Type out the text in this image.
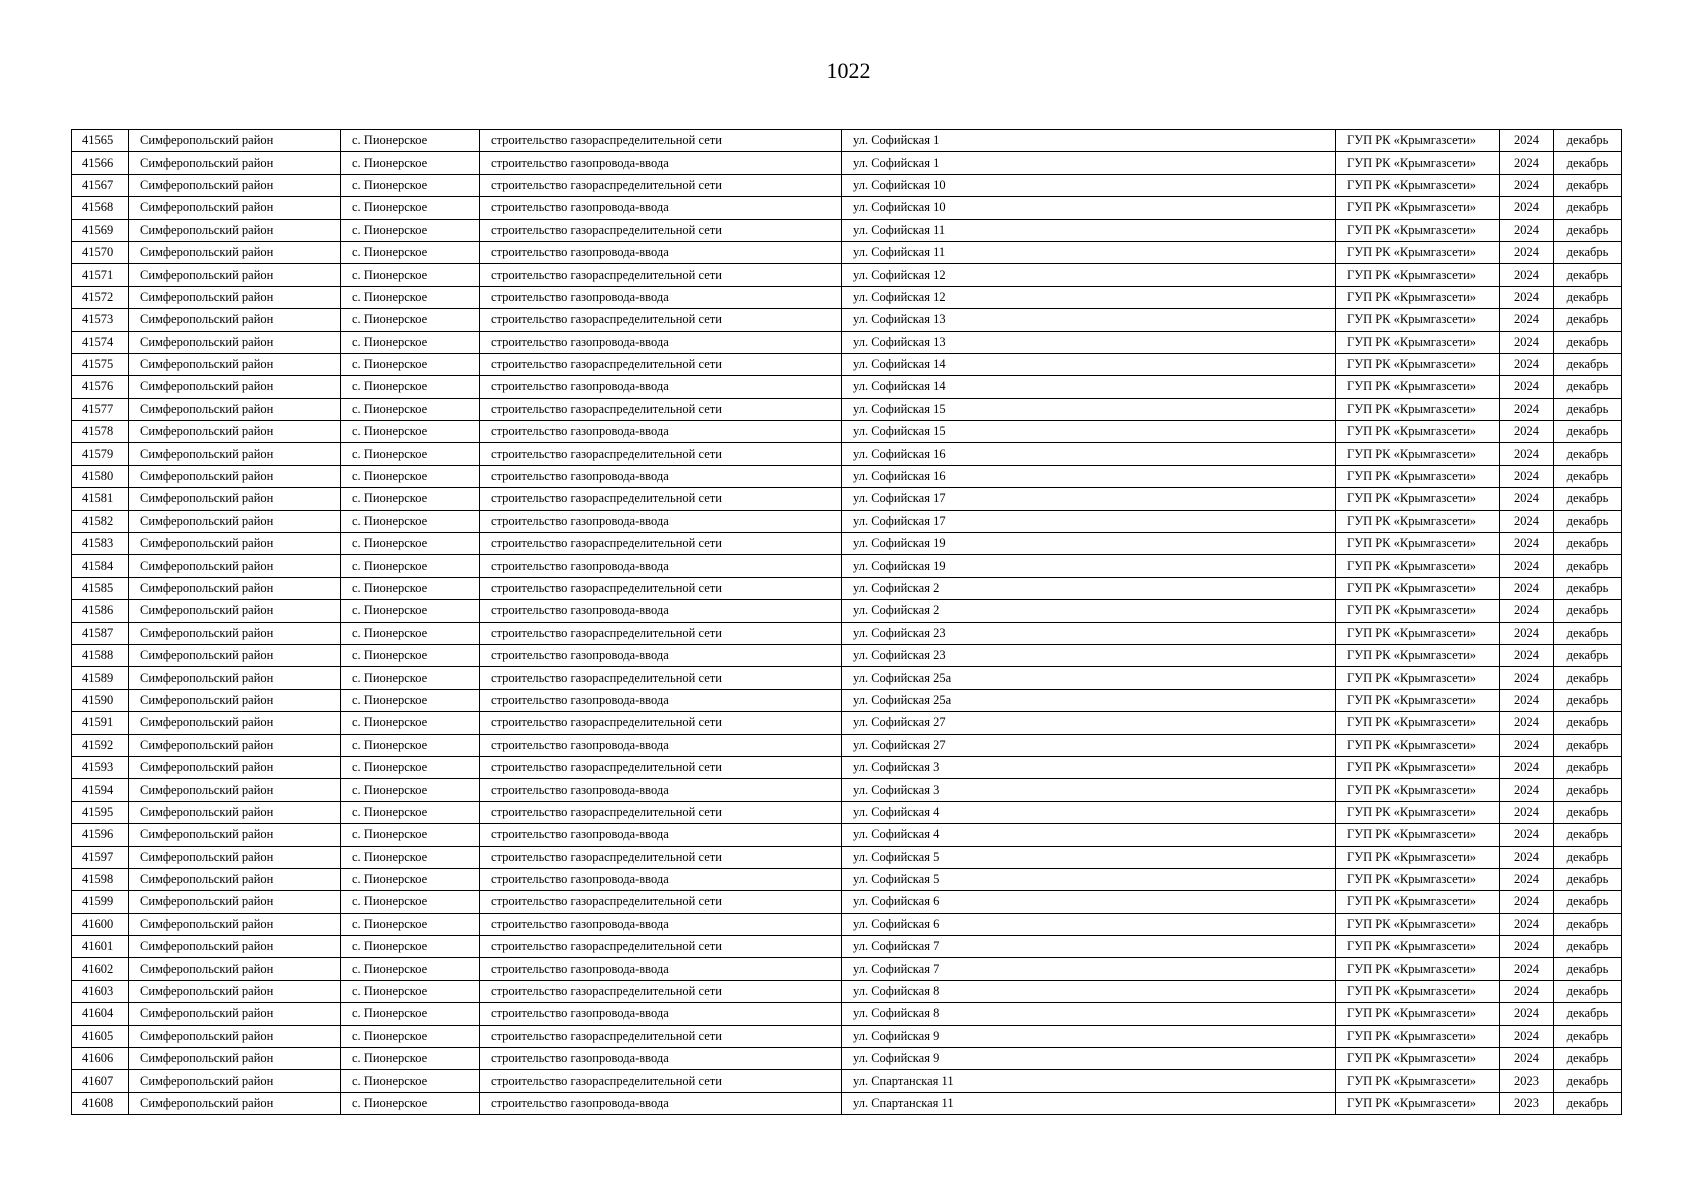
1022
41565	Симферопольский район	с. Пионерское	строительство газораспределительной сети	ул. Софийская 1	ГУП РК «Крымгазсети»	2024	декабрь
41566	Симферопольский район	с. Пионерское	строительство газопровода-ввода	ул. Софийская 1	ГУП РК «Крымгазсети»	2024	декабрь
41567	Симферопольский район	с. Пионерское	строительство газораспределительной сети	ул. Софийская 10	ГУП РК «Крымгазсети»	2024	декабрь
41568	Симферопольский район	с. Пионерское	строительство газопровода-ввода	ул. Софийская 10	ГУП РК «Крымгазсети»	2024	декабрь
41569	Симферопольский район	с. Пионерское	строительство газораспределительной сети	ул. Софийская 11	ГУП РК «Крымгазсети»	2024	декабрь
41570	Симферопольский район	с. Пионерское	строительство газопровода-ввода	ул. Софийская 11	ГУП РК «Крымгазсети»	2024	декабрь
41571	Симферопольский район	с. Пионерское	строительство газораспределительной сети	ул. Софийская 12	ГУП РК «Крымгазсети»	2024	декабрь
41572	Симферопольский район	с. Пионерское	строительство газопровода-ввода	ул. Софийская 12	ГУП РК «Крымгазсети»	2024	декабрь
41573	Симферопольский район	с. Пионерское	строительство газораспределительной сети	ул. Софийская 13	ГУП РК «Крымгазсети»	2024	декабрь
41574	Симферопольский район	с. Пионерское	строительство газопровода-ввода	ул. Софийская 13	ГУП РК «Крымгазсети»	2024	декабрь
41575	Симферопольский район	с. Пионерское	строительство газораспределительной сети	ул. Софийская 14	ГУП РК «Крымгазсети»	2024	декабрь
41576	Симферопольский район	с. Пионерское	строительство газопровода-ввода	ул. Софийская 14	ГУП РК «Крымгазсети»	2024	декабрь
41577	Симферопольский район	с. Пионерское	строительство газораспределительной сети	ул. Софийская 15	ГУП РК «Крымгазсети»	2024	декабрь
41578	Симферопольский район	с. Пионерское	строительство газопровода-ввода	ул. Софийская 15	ГУП РК «Крымгазсети»	2024	декабрь
41579	Симферопольский район	с. Пионерское	строительство газораспределительной сети	ул. Софийская 16	ГУП РК «Крымгазсети»	2024	декабрь
41580	Симферопольский район	с. Пионерское	строительство газопровода-ввода	ул. Софийская 16	ГУП РК «Крымгазсети»	2024	декабрь
41581	Симферопольский район	с. Пионерское	строительство газораспределительной сети	ул. Софийская 17	ГУП РК «Крымгазсети»	2024	декабрь
41582	Симферопольский район	с. Пионерское	строительство газопровода-ввода	ул. Софийская 17	ГУП РК «Крымгазсети»	2024	декабрь
41583	Симферопольский район	с. Пионерское	строительство газораспределительной сети	ул. Софийская 19	ГУП РК «Крымгазсети»	2024	декабрь
41584	Симферопольский район	с. Пионерское	строительство газопровода-ввода	ул. Софийская 19	ГУП РК «Крымгазсети»	2024	декабрь
41585	Симферопольский район	с. Пионерское	строительство газораспределительной сети	ул. Софийская 2	ГУП РК «Крымгазсети»	2024	декабрь
41586	Симферопольский район	с. Пионерское	строительство газопровода-ввода	ул. Софийская 2	ГУП РК «Крымгазсети»	2024	декабрь
41587	Симферопольский район	с. Пионерское	строительство газораспределительной сети	ул. Софийская 23	ГУП РК «Крымгазсети»	2024	декабрь
41588	Симферопольский район	с. Пионерское	строительство газопровода-ввода	ул. Софийская 23	ГУП РК «Крымгазсети»	2024	декабрь
41589	Симферопольский район	с. Пионерское	строительство газораспределительной сети	ул. Софийская 25а	ГУП РК «Крымгазсети»	2024	декабрь
41590	Симферопольский район	с. Пионерское	строительство газопровода-ввода	ул. Софийская 25а	ГУП РК «Крымгазсети»	2024	декабрь
41591	Симферопольский район	с. Пионерское	строительство газораспределительной сети	ул. Софийская 27	ГУП РК «Крымгазсети»	2024	декабрь
41592	Симферопольский район	с. Пионерское	строительство газопровода-ввода	ул. Софийская 27	ГУП РК «Крымгазсети»	2024	декабрь
41593	Симферопольский район	с. Пионерское	строительство газораспределительной сети	ул. Софийская 3	ГУП РК «Крымгазсети»	2024	декабрь
41594	Симферопольский район	с. Пионерское	строительство газопровода-ввода	ул. Софийская 3	ГУП РК «Крымгазсети»	2024	декабрь
41595	Симферопольский район	с. Пионерское	строительство газораспределительной сети	ул. Софийская 4	ГУП РК «Крымгазсети»	2024	декабрь
41596	Симферопольский район	с. Пионерское	строительство газопровода-ввода	ул. Софийская 4	ГУП РК «Крымгазсети»	2024	декабрь
41597	Симферопольский район	с. Пионерское	строительство газораспределительной сети	ул. Софийская 5	ГУП РК «Крымгазсети»	2024	декабрь
41598	Симферопольский район	с. Пионерское	строительство газопровода-ввода	ул. Софийская 5	ГУП РК «Крымгазсети»	2024	декабрь
41599	Симферопольский район	с. Пионерское	строительство газораспределительной сети	ул. Софийская 6	ГУП РК «Крымгазсети»	2024	декабрь
41600	Симферопольский район	с. Пионерское	строительство газопровода-ввода	ул. Софийская 6	ГУП РК «Крымгазсети»	2024	декабрь
41601	Симферопольский район	с. Пионерское	строительство газораспределительной сети	ул. Софийская 7	ГУП РК «Крымгазсети»	2024	декабрь
41602	Симферопольский район	с. Пионерское	строительство газопровода-ввода	ул. Софийская 7	ГУП РК «Крымгазсети»	2024	декабрь
41603	Симферопольский район	с. Пионерское	строительство газораспределительной сети	ул. Софийская 8	ГУП РК «Крымгазсети»	2024	декабрь
41604	Симферопольский район	с. Пионерское	строительство газопровода-ввода	ул. Софийская 8	ГУП РК «Крымгазсети»	2024	декабрь
41605	Симферопольский район	с. Пионерское	строительство газораспределительной сети	ул. Софийская 9	ГУП РК «Крымгазсети»	2024	декабрь
41606	Симферопольский район	с. Пионерское	строительство газопровода-ввода	ул. Софийская 9	ГУП РК «Крымгазсети»	2024	декабрь
41607	Симферопольский район	с. Пионерское	строительство газораспределительной сети	ул. Спартанская 11	ГУП РК «Крымгазсети»	2023	декабрь
41608	Симферопольский район	с. Пионерское	строительство газопровода-ввода	ул. Спартанская 11	ГУП РК «Крымгазсети»	2023	декабрь
